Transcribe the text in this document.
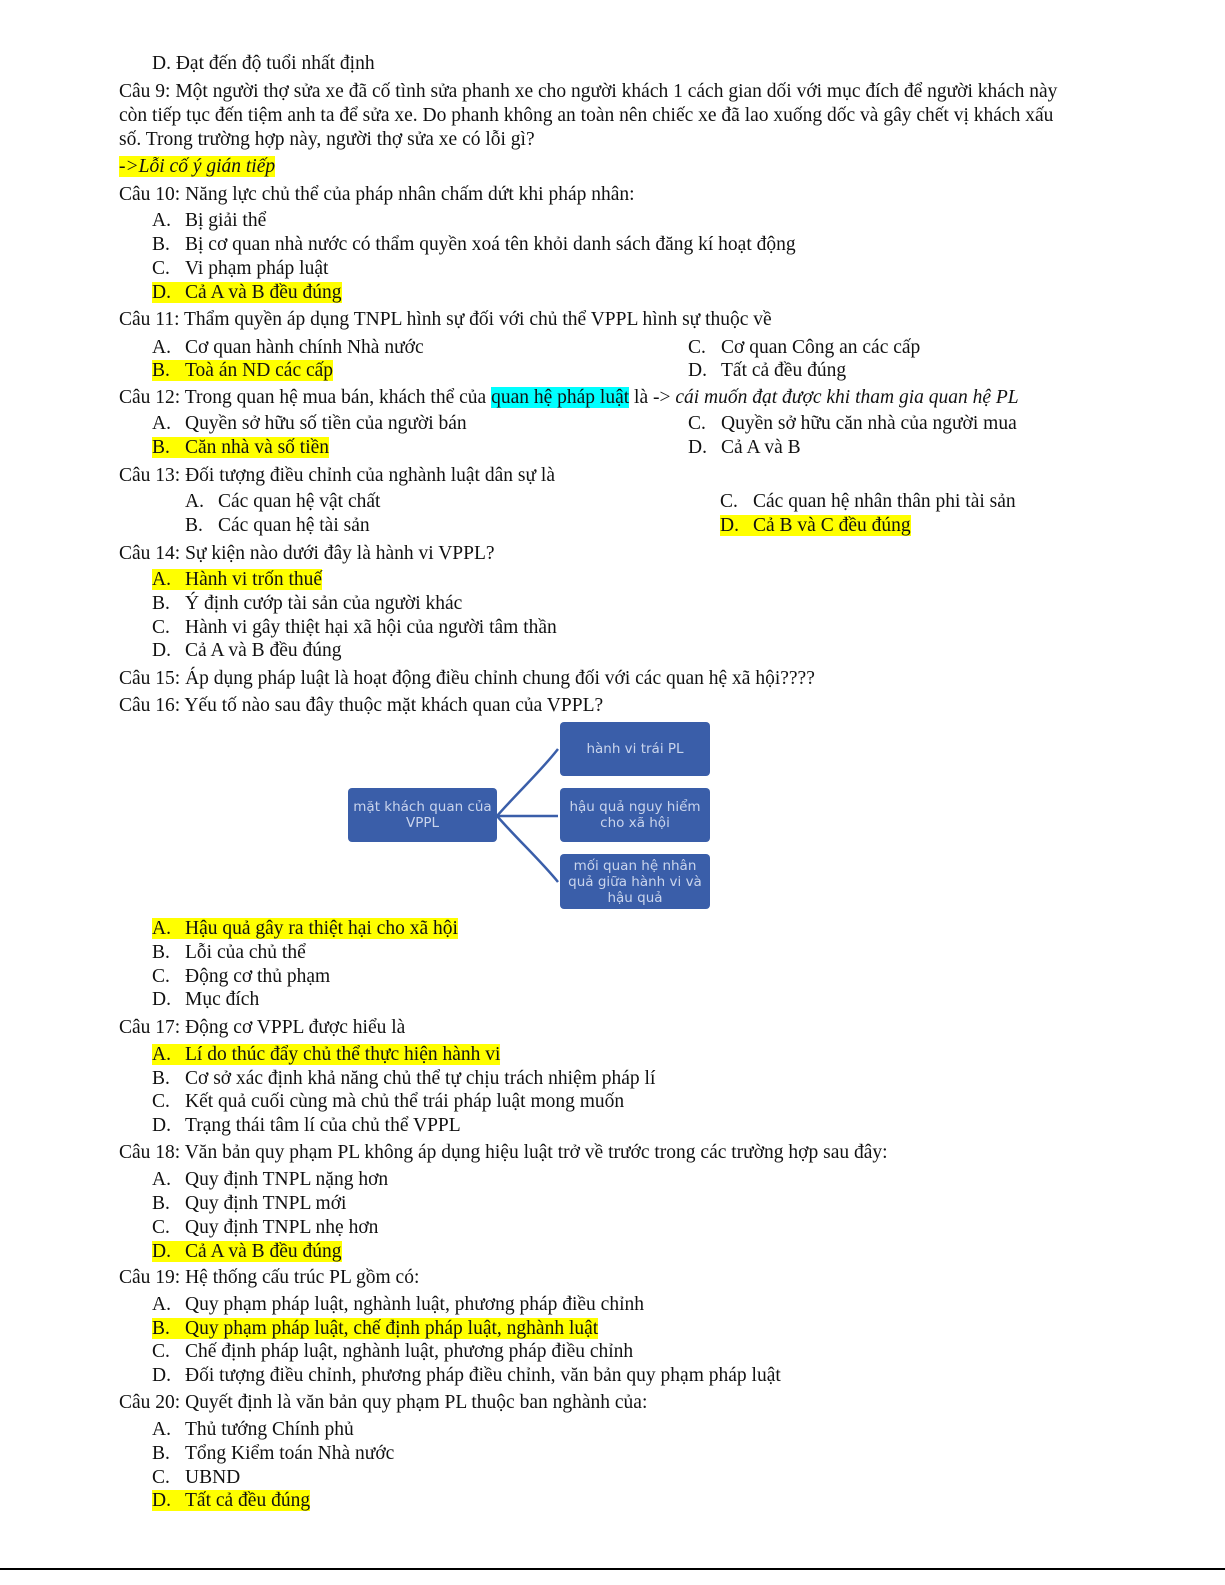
D. Đạt đến độ tuổi nhất định
Câu 9: Một người thợ sửa xe đã cố tình sửa phanh xe cho người khách 1 cách gian dối với mục đích để người khách này
còn tiếp tục đến tiệm anh ta để sửa xe. Do phanh không an toàn nên chiếc xe đã lao xuống dốc và gây chết vị khách xấu
số. Trong trường hợp này, người thợ sửa xe có lỗi gì?
->Lỗi cố ý gián tiếp
Câu 10: Năng lực chủ thể của pháp nhân chấm dứt khi pháp nhân:
A. Bị giải thể
B. Bị cơ quan nhà nước có thẩm quyền xoá tên khỏi danh sách đăng kí hoạt động
C. Vi phạm pháp luật
D. Cả A và B đều đúng
Câu 11: Thẩm quyền áp dụng TNPL hình sự đối với chủ thể VPPL hình sự thuộc về
A. Cơ quan hành chính Nhà nước	C. Cơ quan Công an các cấp
B. Toà án ND các cấp	D. Tất cả đều đúng
Câu 12: Trong quan hệ mua bán, khách thể của quan hệ pháp luật là -> cái muốn đạt được khi tham gia quan hệ PL
A. Quyền sở hữu số tiền của người bán	C. Quyền sở hữu căn nhà của người mua
B. Căn nhà và số tiền	D. Cả A và B
Câu 13: Đối tượng điều chỉnh của nghành luật dân sự là
A. Các quan hệ vật chất	C. Các quan hệ nhân thân phi tài sản
B. Các quan hệ tài sản	D. Cả B và C đều đúng
Câu 14: Sự kiện nào dưới đây là hành vi VPPL?
A. Hành vi trốn thuế
B. Ý định cướp tài sản của người khác
C. Hành vi gây thiệt hại xã hội của người tâm thần
D. Cả A và B đều đúng
Câu 15: Áp dụng pháp luật là hoạt động điều chỉnh chung đối với các quan hệ xã hội????
Câu 16: Yếu tố nào sau đây thuộc mặt khách quan của VPPL?
mặt khách quan của VPPL
hành vi trái PL
hậu quả nguy hiểm cho xã hội
mối quan hệ nhân quả giữa hành vi và hậu quả
A. Hậu quả gây ra thiệt hại cho xã hội
B. Lỗi của chủ thể
C. Động cơ thủ phạm
D. Mục đích
Câu 17: Động cơ VPPL được hiểu là
A. Lí do thúc đẩy chủ thể thực hiện hành vi
B. Cơ sở xác định khả năng chủ thể tự chịu trách nhiệm pháp lí
C. Kết quả cuối cùng mà chủ thể trái pháp luật mong muốn
D. Trạng thái tâm lí của chủ thể VPPL
Câu 18: Văn bản quy phạm PL không áp dụng hiệu luật trở về trước trong các trường hợp sau đây:
A. Quy định TNPL nặng hơn
B. Quy định TNPL mới
C. Quy định TNPL nhẹ hơn
D. Cả A và B đều đúng
Câu 19: Hệ thống cấu trúc PL gồm có:
A. Quy phạm pháp luật, nghành luật, phương pháp điều chỉnh
B. Quy phạm pháp luật, chế định pháp luật, nghành luật
C. Chế định pháp luật, nghành luật, phương pháp điều chỉnh
D. Đối tượng điều chỉnh, phương pháp điều chỉnh, văn bản quy phạm pháp luật
Câu 20: Quyết định là văn bản quy phạm PL thuộc ban nghành của:
A. Thủ tướng Chính phủ
B. Tổng Kiểm toán Nhà nước
C. UBND
D. Tất cả đều đúng
